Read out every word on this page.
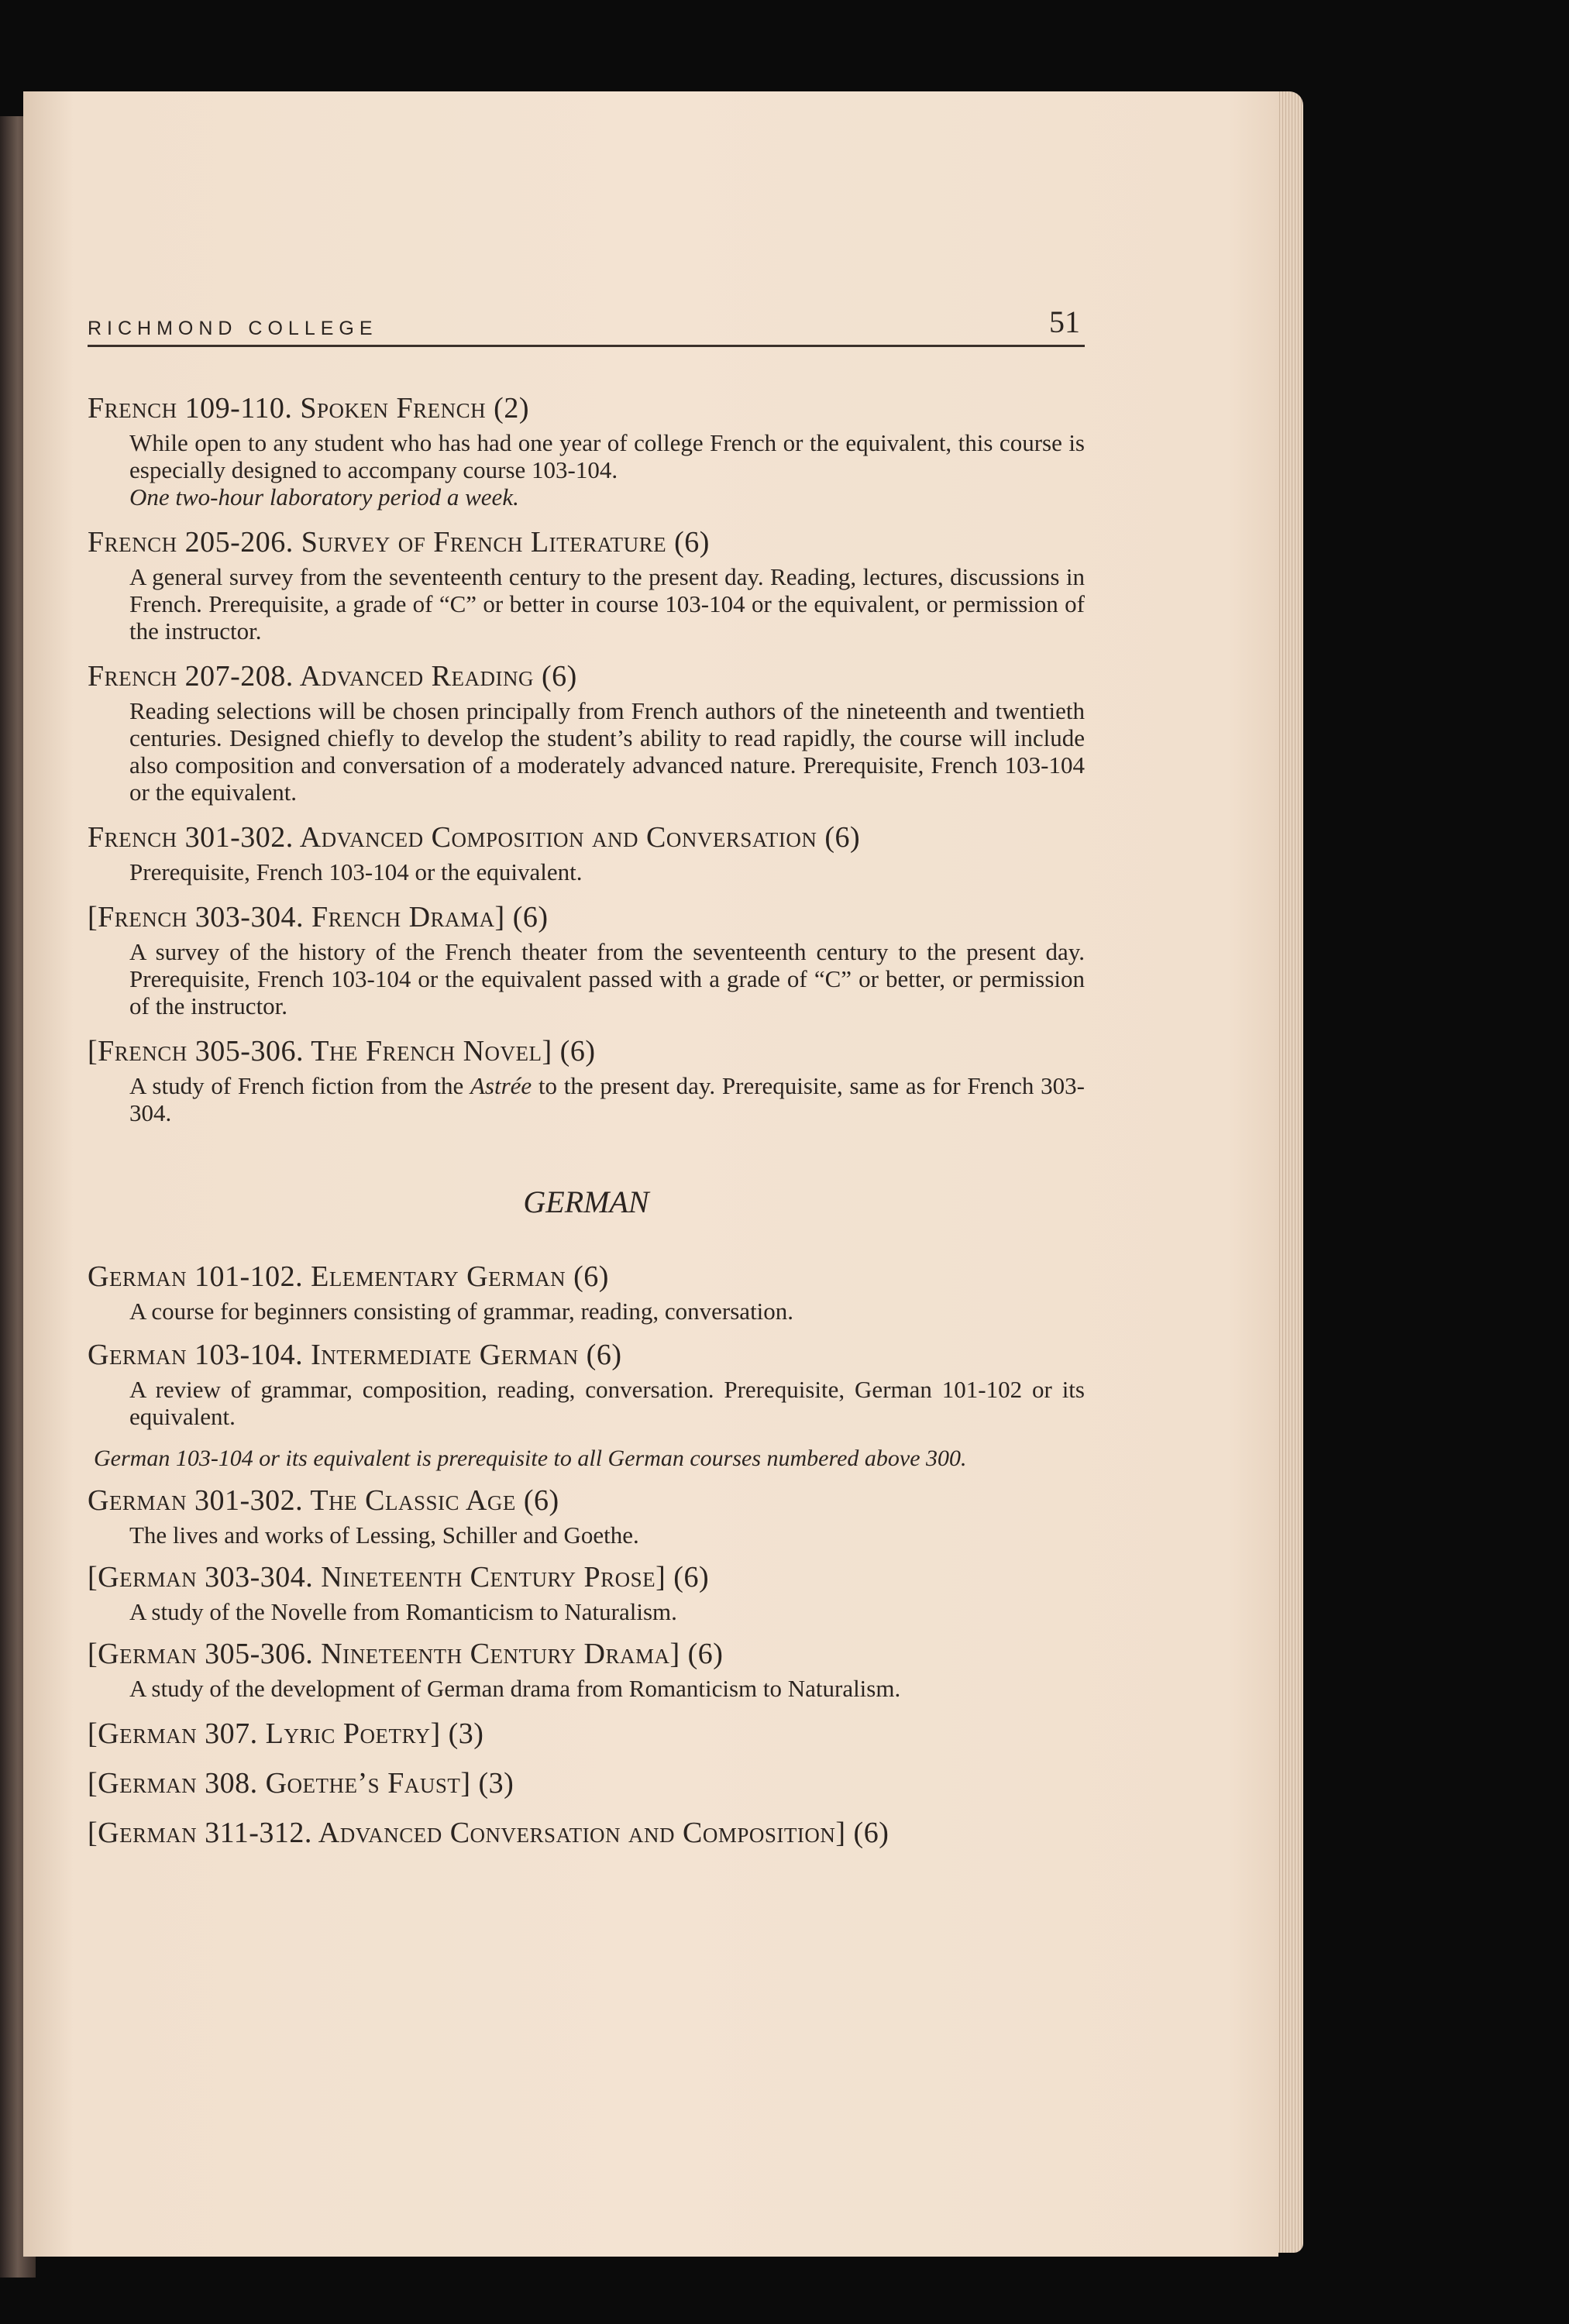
RICHMOND COLLEGE	51

French 109-110. Spoken French (2)

While open to any student who has had one year of college French or the equivalent, this course is especially designed to accompany course 103-104.
One two-hour laboratory period a week.

French 205-206. Survey of French Literature (6)

A general survey from the seventeenth century to the present day. Reading, lectures, discussions in French. Prerequisite, a grade of “C” or better in course 103-104 or the equivalent, or permission of the instructor.

French 207-208. Advanced Reading (6)

Reading selections will be chosen principally from French authors of the nineteenth and twentieth centuries. Designed chiefly to develop the student’s ability to read rapidly, the course will include also composition and conversation of a moderately advanced nature. Prerequisite, French 103-104 or the equivalent.

French 301-302. Advanced Composition and Conversation (6)

Prerequisite, French 103-104 or the equivalent.

[French 303-304. French Drama] (6)

A survey of the history of the French theater from the seventeenth century to the present day. Prerequisite, French 103-104 or the equivalent passed with a grade of “C” or better, or permission of the instructor.

[French 305-306. The French Novel] (6)

A study of French fiction from the Astrée to the present day. Prerequisite, same as for French 303-304.

GERMAN

German 101-102. Elementary German (6)

A course for beginners consisting of grammar, reading, conversation.

German 103-104. Intermediate German (6)

A review of grammar, composition, reading, conversation. Prerequisite, German 101-102 or its equivalent.

German 103-104 or its equivalent is prerequisite to all German courses numbered above 300.

German 301-302. The Classic Age (6)

The lives and works of Lessing, Schiller and Goethe.

[German 303-304. Nineteenth Century Prose] (6)

A study of the Novelle from Romanticism to Naturalism.

[German 305-306. Nineteenth Century Drama] (6)

A study of the development of German drama from Romanticism to Naturalism.

[German 307. Lyric Poetry] (3)

[German 308. Goethe’s Faust] (3)

[German 311-312. Advanced Conversation and Composition] (6)
